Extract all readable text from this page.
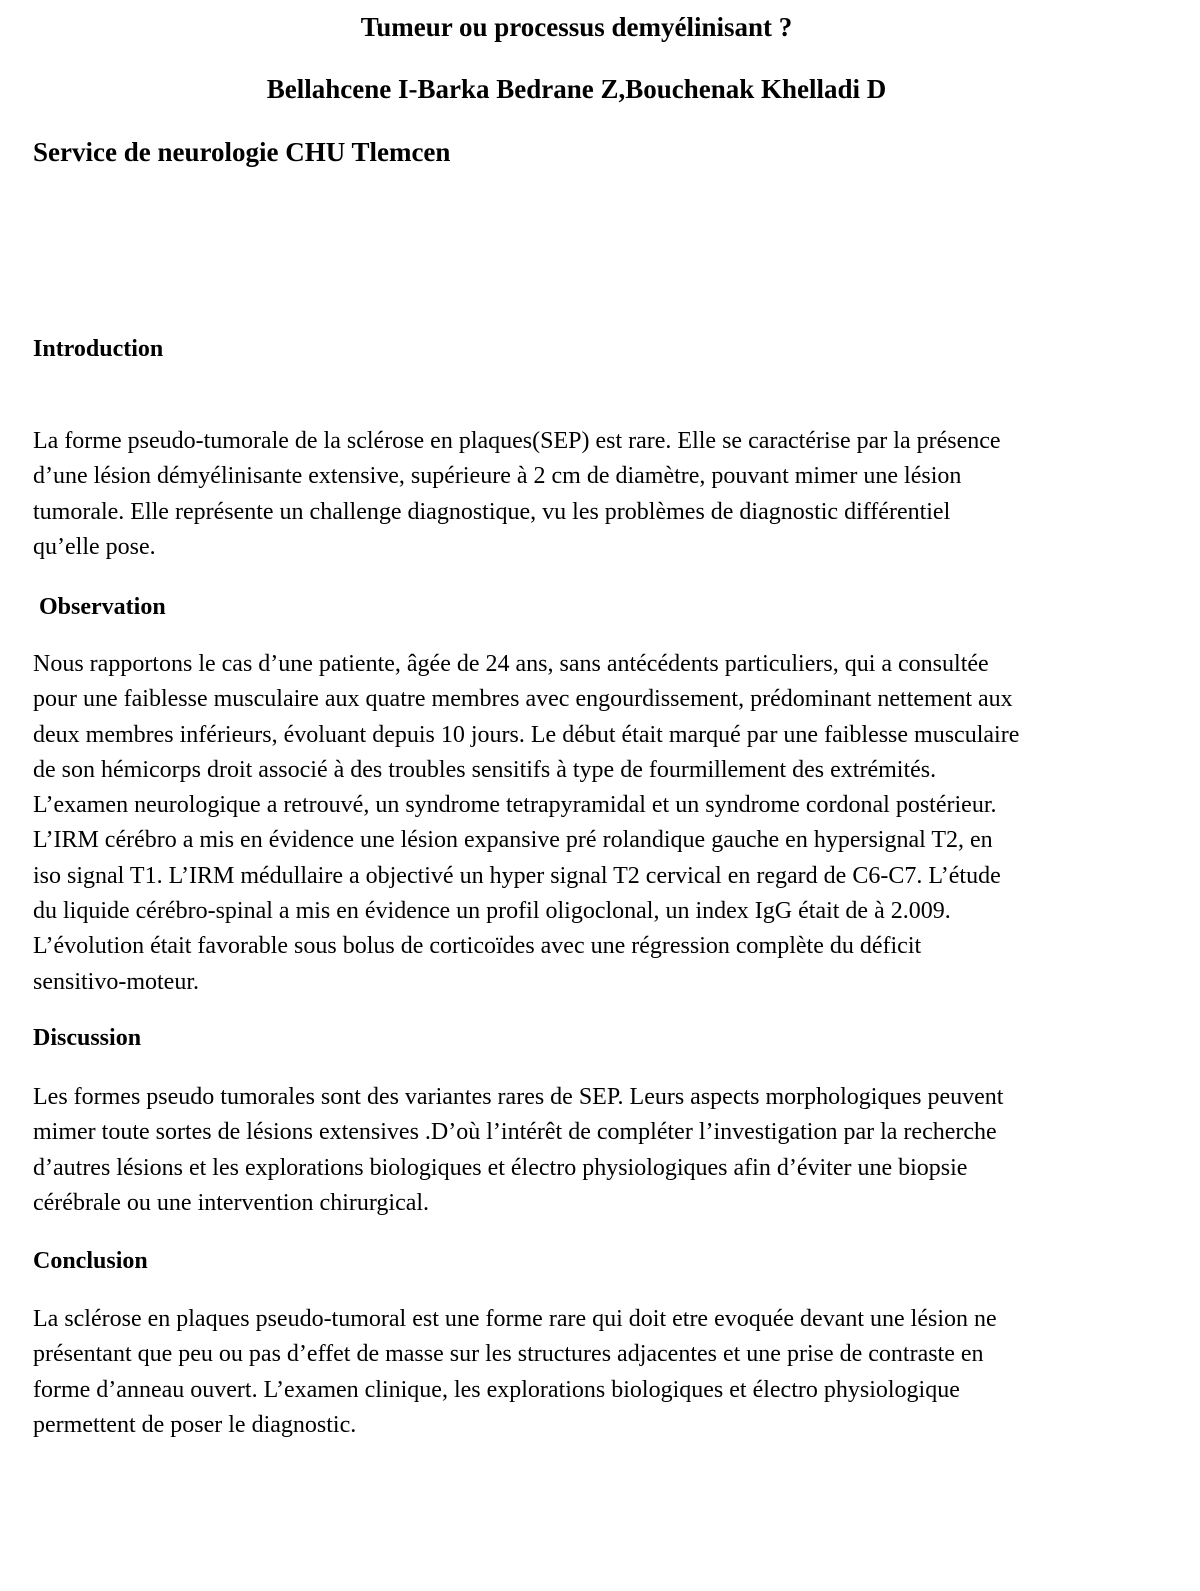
Tumeur ou processus demyélinisant ?
Bellahcene I-Barka Bedrane Z,Bouchenak Khelladi D
Service de neurologie CHU Tlemcen
Introduction

La forme pseudo-tumorale de la sclérose en plaques(SEP) est rare. Elle se caractérise par la présence
d’une lésion démyélinisante extensive, supérieure à 2 cm de diamètre, pouvant mimer une lésion
tumorale. Elle représente un challenge diagnostique, vu les problèmes de diagnostic différentiel
qu’elle pose.

Observation

Nous rapportons le cas d’une patiente, âgée de 24 ans, sans antécédents particuliers, qui a consultée
pour une faiblesse musculaire aux quatre membres avec engourdissement, prédominant nettement aux
deux membres inférieurs, évoluant depuis 10 jours. Le début était marqué par une faiblesse musculaire
de son hémicorps droit associé à des troubles sensitifs à type de fourmillement des extrémités.
L’examen neurologique a retrouvé, un syndrome tetrapyramidal et un syndrome cordonal postérieur.
L’IRM cérébro a mis en évidence une lésion expansive pré rolandique gauche en hypersignal T2, en
iso signal T1. L’IRM médullaire a objectivé un hyper signal T2 cervical en regard de C6-C7. L’étude
du liquide cérébro-spinal a mis en évidence un profil oligoclonal, un index IgG était de à 2.009.
L’évolution était favorable sous bolus de corticoïdes avec une régression complète du déficit
sensitivo-moteur.

Discussion

Les formes pseudo tumorales sont des variantes rares de SEP. Leurs aspects morphologiques peuvent
mimer toute sortes de lésions extensives .D’où l’intérêt de compléter l’investigation par la recherche
d’autres lésions et les explorations biologiques et électro physiologiques afin d’éviter une biopsie
cérébrale ou une intervention chirurgical.

Conclusion

La sclérose en plaques pseudo-tumoral est une forme rare qui doit etre evoquée devant une lésion ne
présentant que peu ou pas d’effet de masse sur les structures adjacentes et une prise de contraste en
forme d’anneau ouvert. L’examen clinique, les explorations biologiques et électro physiologique
permettent de poser le diagnostic.
